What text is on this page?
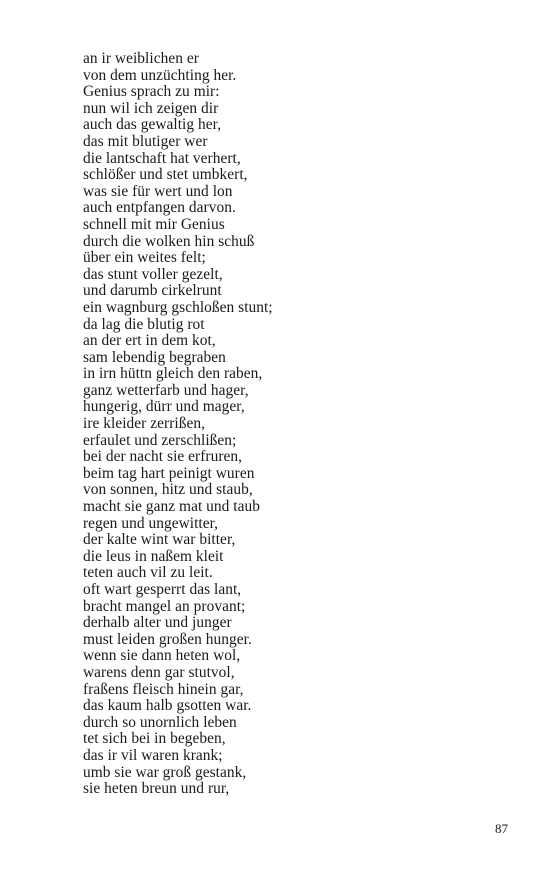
an ir weiblichen er
von dem unzüchting her.
Genius sprach zu mir:
nun wil ich zeigen dir
auch das gewaltig her,
das mit blutiger wer
die lantschaft hat verhert,
schlößer und stet umbkert,
was sie für wert und lon
auch entpfangen darvon.
schnell mit mir Genius
durch die wolken hin schuß
über ein weites felt;
das stunt voller gezelt,
und darumb cirkelrunt
ein wagnburg gschloßen stunt;
da lag die blutig rot
an der ert in dem kot,
sam lebendig begraben
in irn hüttn gleich den raben,
ganz wetterfarb und hager,
hungerig, dürr und mager,
ire kleider zerrißen,
erfaulet und zerschlißen;
bei der nacht sie erfruren,
beim tag hart peinigt wuren
von sonnen, hitz und staub,
macht sie ganz mat und taub
regen und ungewitter,
der kalte wint war bitter,
die leus in naßem kleit
teten auch vil zu leit.
oft wart gesperrt das lant,
bracht mangel an provant;
derhalb alter und junger
must leiden großen hunger.
wenn sie dann heten wol,
warens denn gar stutvol,
fraßens fleisch hinein gar,
das kaum halb gsotten war.
durch so unornlich leben
tet sich bei in begeben,
das ir vil waren krank;
umb sie war groß gestank,
sie heten breun und rur,
87
